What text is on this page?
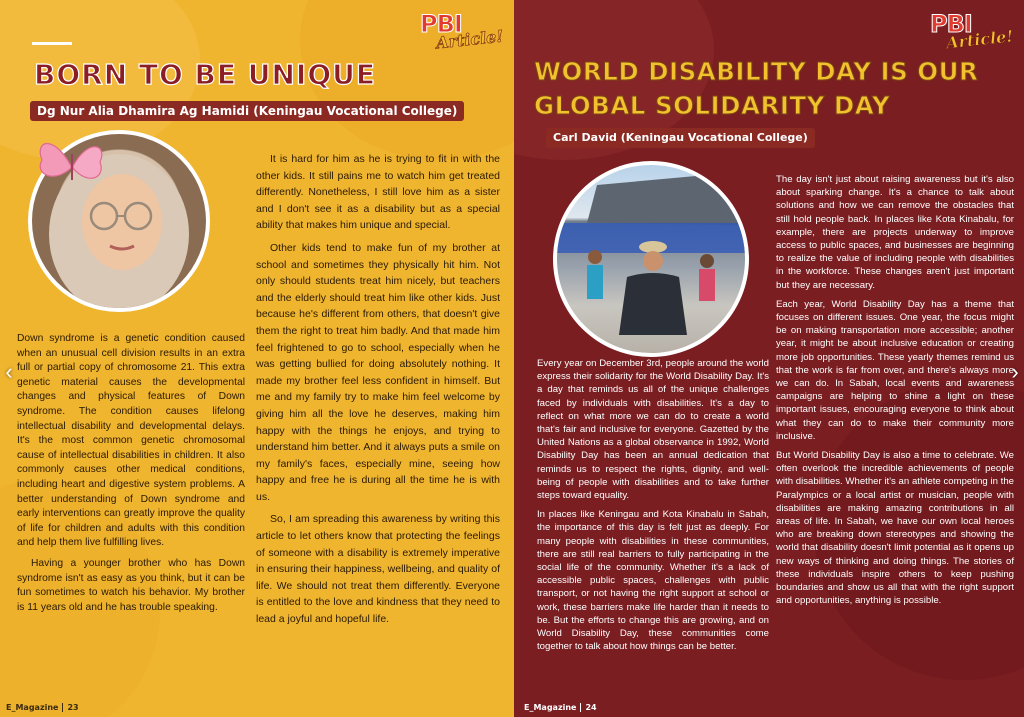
PBI
Article!
BORN TO BE UNIQUE
Dg Nur Alia Dhamira Ag Hamidi (Keningau Vocational College)

Down syndrome is a genetic condition caused when an unusual cell division results in an extra full or partial copy of chromosome 21. This extra genetic material causes the developmental changes and physical features of Down syndrome. The condition causes lifelong intellectual disability and developmental delays. It's the most common genetic chromosomal cause of intellectual disabilities in children. It also commonly causes other medical conditions, including heart and digestive system problems. A better understanding of Down syndrome and early interventions can greatly improve the quality of life for children and adults with this condition and help them live fulfilling lives.

Having a younger brother who has Down syndrome isn't as easy as you think, but it can be fun sometimes to watch his behavior. My brother is 11 years old and he has trouble speaking.

It is hard for him as he is trying to fit in with the other kids. It still pains me to watch him get treated differently. Nonetheless, I still love him as a sister and I don't see it as a disability but as a special ability that makes him unique and special.

Other kids tend to make fun of my brother at school and sometimes they physically hit him. Not only should students treat him nicely, but teachers and the elderly should treat him like other kids. Just because he's different from others, that doesn't give them the right to treat him badly. And that made him feel frightened to go to school, especially when he was getting bullied for doing absolutely nothing. It made my brother feel less confident in himself. But me and my family try to make him feel welcome by giving him all the love he deserves, making him happy with the things he enjoys, and trying to understand him better. And it always puts a smile on my family's faces, especially mine, seeing how happy and free he is during all the time he is with us.

So, I am spreading this awareness by writing this article to let others know that protecting the feelings of someone with a disability is extremely imperative in ensuring their happiness, wellbeing, and quality of life. We should not treat them differently. Everyone is entitled to the love and kindness that they need to lead a joyful and hopeful life.

E_Magazine 23
PBI
Article!
WORLD DISABILITY DAY IS OUR GLOBAL SOLIDARITY DAY
Carl David (Keningau Vocational College)

Every year on December 3rd, people around the world express their solidarity for the World Disability Day. It's a day that reminds us all of the unique challenges faced by individuals with disabilities. It's a day to reflect on what more we can do to create a world that's fair and inclusive for everyone. Gazetted by the United Nations as a global observance in 1992, World Disability Day has been an annual dedication that reminds us to respect the rights, dignity, and well-being of people with disabilities and to take further steps toward equality.

In places like Keningau and Kota Kinabalu in Sabah, the importance of this day is felt just as deeply. For many people with disabilities in these communities, there are still real barriers to fully participating in the social life of the community. Whether it's a lack of accessible public spaces, challenges with public transport, or not having the right support at school or work, these barriers make life harder than it needs to be. But the efforts to change this are growing, and on World Disability Day, these communities come together to talk about how things can be better.

The day isn't just about raising awareness but it's also about sparking change. It's a chance to talk about solutions and how we can remove the obstacles that still hold people back. In places like Kota Kinabalu, for example, there are projects underway to improve access to public spaces, and businesses are beginning to realize the value of including people with disabilities in the workforce. These changes aren't just important but they are necessary.

Each year, World Disability Day has a theme that focuses on different issues. One year, the focus might be on making transportation more accessible; another year, it might be about inclusive education or creating more job opportunities. These yearly themes remind us that the work is far from over, and there's always more we can do. In Sabah, local events and awareness campaigns are helping to shine a light on these important issues, encouraging everyone to think about what they can do to make their community more inclusive.

But World Disability Day is also a time to celebrate. We often overlook the incredible achievements of people with disabilities. Whether it's an athlete competing in the Paralympics or a local artist or musician, people with disabilities are making amazing contributions in all areas of life. In Sabah, we have our own local heroes who are breaking down stereotypes and showing the world that disability doesn't limit potential as it opens up new ways of thinking and doing things. The stories of these individuals inspire others to keep pushing boundaries and show us all that with the right support and opportunities, anything is possible.

E_Magazine 24
‹	›
